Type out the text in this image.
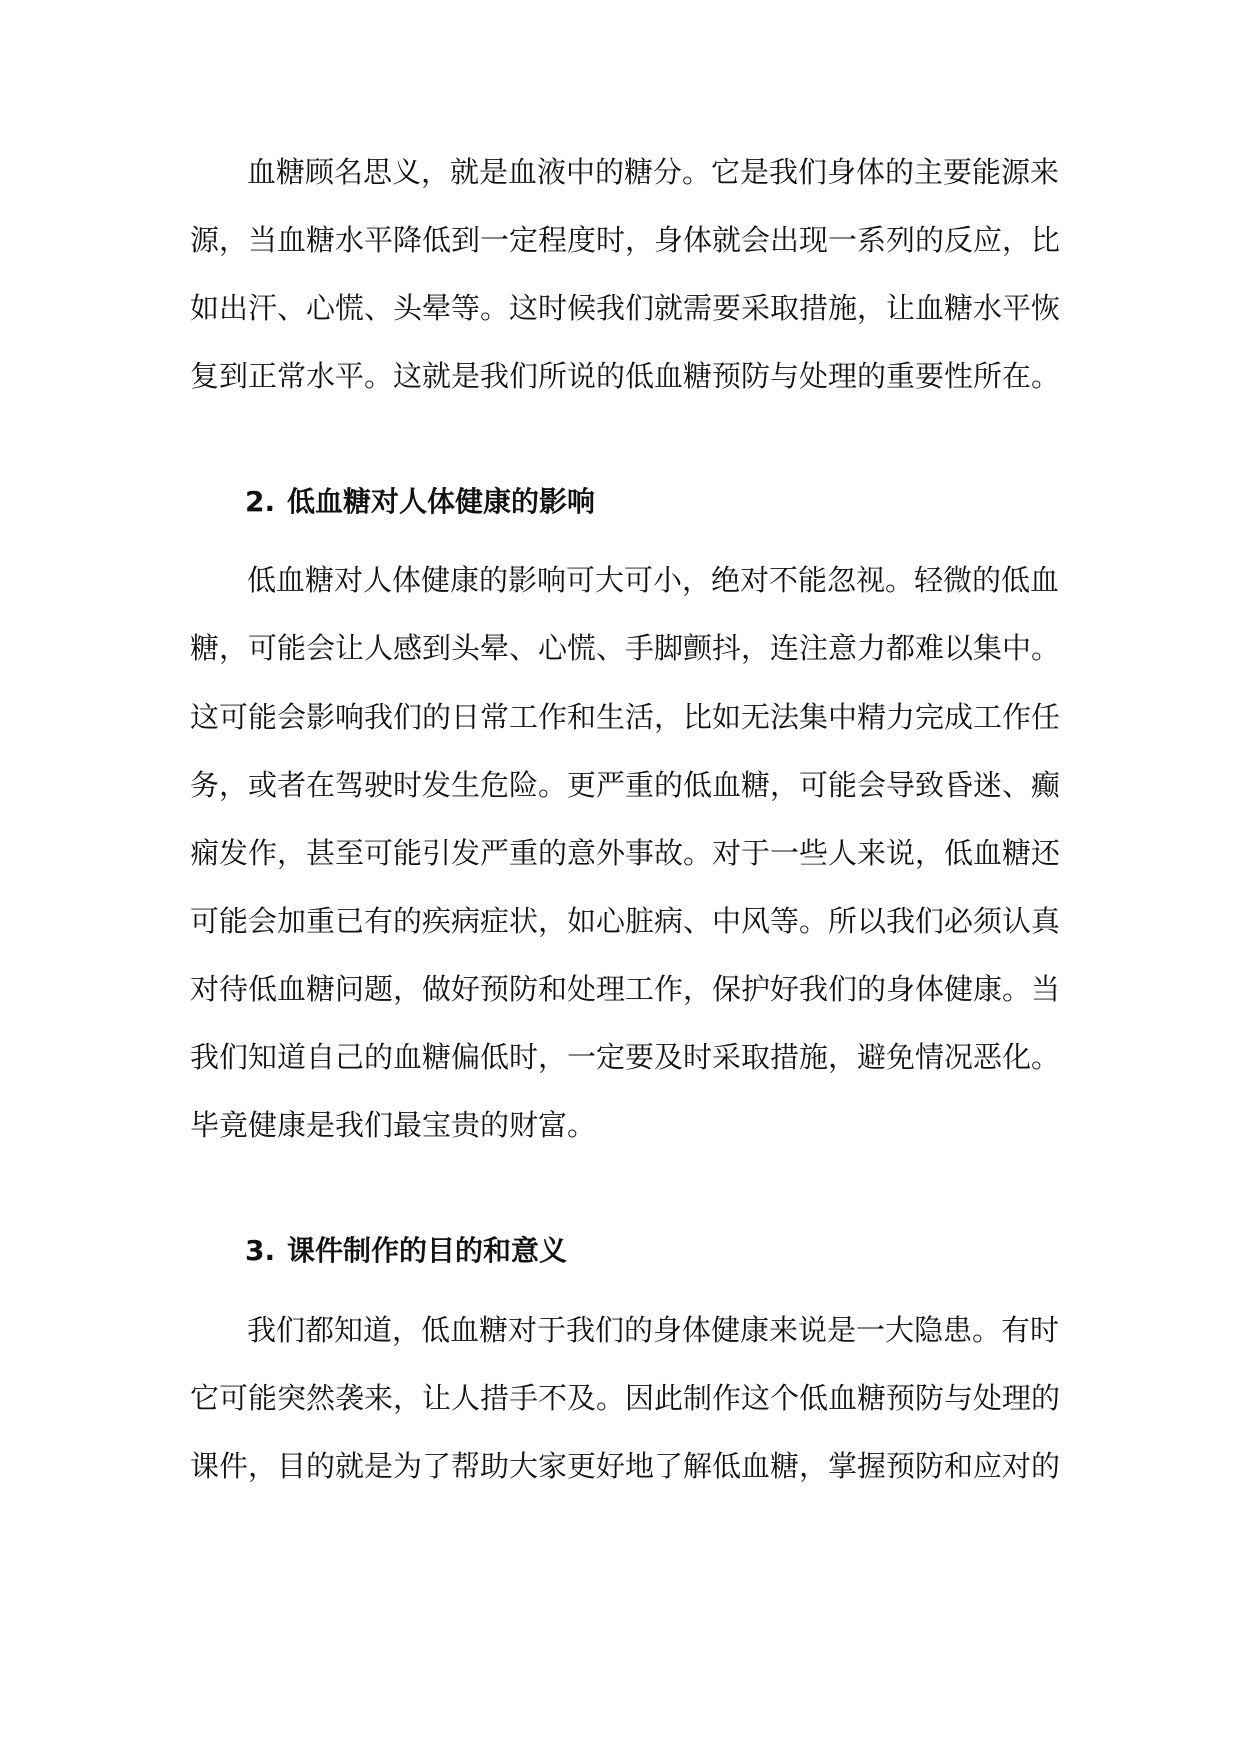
血糖顾名思义，就是血液中的糖分。它是我们身体的主要能源来
源，当血糖水平降低到一定程度时，身体就会出现一系列的反应，比
如出汗、心慌、头晕等。这时候我们就需要采取措施，让血糖水平恢
复到正常水平。这就是我们所说的低血糖预防与处理的重要性所在。
2. 低血糖对人体健康的影响
低血糖对人体健康的影响可大可小，绝对不能忽视。轻微的低血
糖，可能会让人感到头晕、心慌、手脚颤抖，连注意力都难以集中。
这可能会影响我们的日常工作和生活，比如无法集中精力完成工作任
务，或者在驾驶时发生危险。更严重的低血糖，可能会导致昏迷、癫
痫发作，甚至可能引发严重的意外事故。对于一些人来说，低血糖还
可能会加重已有的疾病症状，如心脏病、中风等。所以我们必须认真
对待低血糖问题，做好预防和处理工作，保护好我们的身体健康。当
我们知道自己的血糖偏低时，一定要及时采取措施，避免情况恶化。
毕竟健康是我们最宝贵的财富。
3. 课件制作的目的和意义
我们都知道，低血糖对于我们的身体健康来说是一大隐患。有时
它可能突然袭来，让人措手不及。因此制作这个低血糖预防与处理的
课件，目的就是为了帮助大家更好地了解低血糖，掌握预防和应对的
